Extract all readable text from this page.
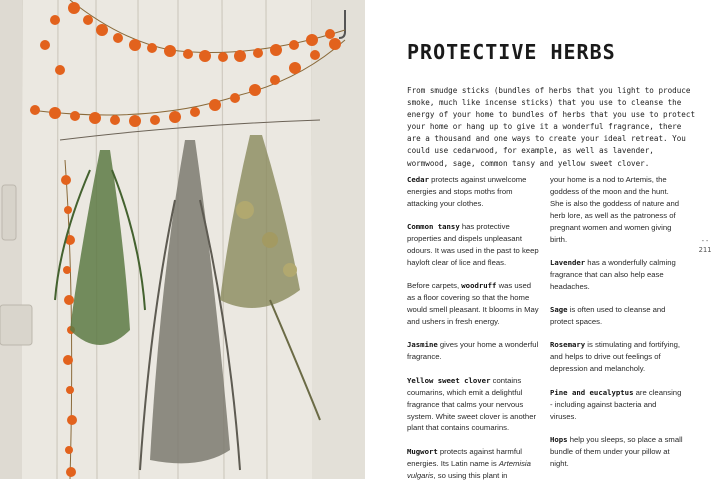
PROTECTIVE HERBS

From smudge sticks (bundles of herbs that you light to produce smoke, much like incense sticks) that you use to cleanse the energy of your home to bundles of herbs that you use to protect your home or hang up to give it a wonderful fragrance, there are a thousand and one ways to create your ideal retreat. You could use cedarwood, for example, as well as lavender, wormwood, sage, common tansy and yellow sweet clover.

Cedar protects against unwelcome energies and stops moths from attacking your clothes.

Common tansy has protective properties and dispels unpleasant odours. It was used in the past to keep hayloft clear of lice and fleas.

Before carpets, woodruff was used as a floor covering so that the home would smell pleasant. It blooms in May and ushers in fresh energy.

Jasmine gives your home a wonderful fragrance.

Yellow sweet clover contains coumarins, which emit a delightful fragrance that calms your nervous system. White sweet clover is another plant that contains coumarins.

Mugwort protects against harmful energies. Its Latin name is Artemisia vulgaris, so using this plant in

your home is a nod to Artemis, the goddess of the moon and the hunt. She is also the goddess of nature and herb lore, as well as the patroness of pregnant women and women giving birth.

Lavender has a wonderfully calming fragrance that can also help ease headaches.

Sage is often used to cleanse and protect spaces.

Rosemary is stimulating and fortifying, and helps to drive out feelings of depression and melancholy.

Pine and eucalyptus are cleansing - including against bacteria and viruses.

Hops help you sleeps, so place a small bundle of them under your pillow at night.

--
211
